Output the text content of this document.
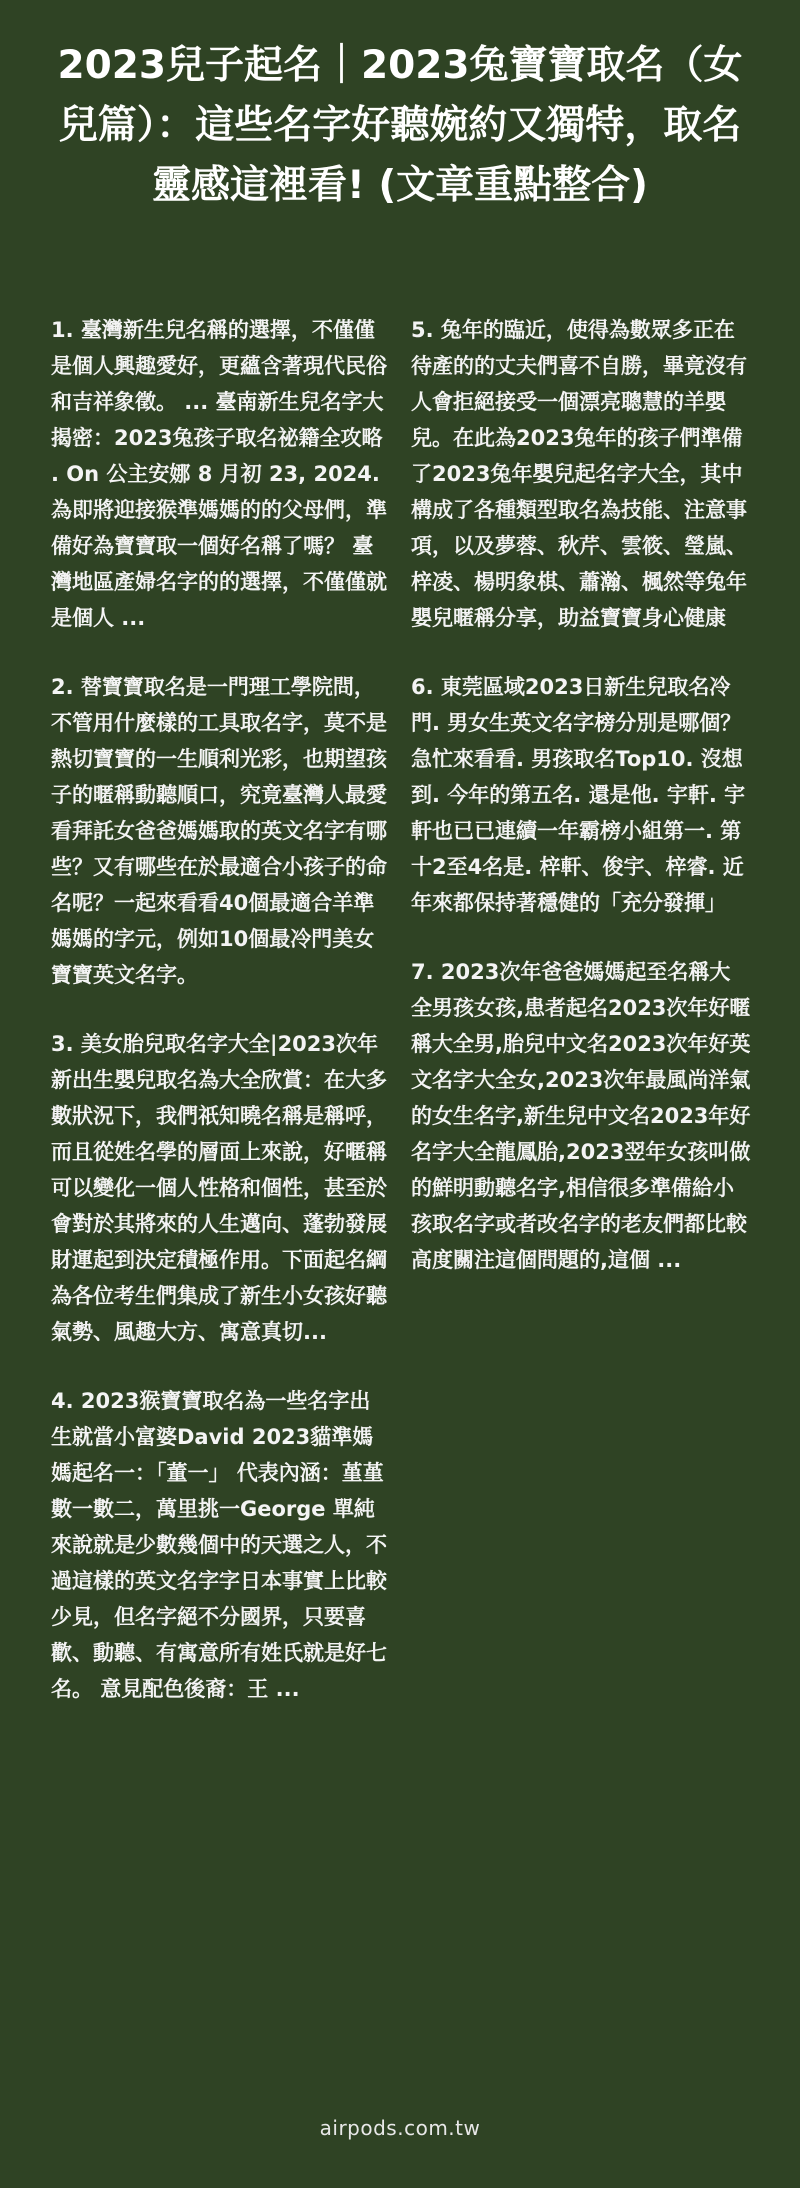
2023兒子起名｜2023兔寶寶取名（女兒篇）：這些名字好聽婉約又獨特，取名靈感這裡看! (文章重點整合)

1. 臺灣新生兒名稱的選擇，不僅僅是個人興趣愛好，更蘊含著現代民俗和吉祥象徵。 ... 臺南新生兒名字大揭密：2023兔孩子取名祕籍全攻略 . On 公主安娜 8 月初 23, 2024. 為即將迎接猴準媽媽的的父母們，準備好為寶寶取一個好名稱了嗎？ 臺灣地區產婦名字的的選擇，不僅僅就是個人 ...

2. 替寶寶取名是一門理工學院問，不管用什麼樣的工具取名字，莫不是熱切寶寶的一生順利光彩，也期望孩子的暱稱動聽順口，究竟臺灣人最愛看拜託女爸爸媽媽取的英文名字有哪些？又有哪些在於最適合小孩子的命名呢？一起來看看40個最適合羊準媽媽的字元，例如10個最冷門美女寶寶英文名字。

3. 美女胎兒取名字大全|2023次年新出生嬰兒取名為大全欣賞：在大多數狀況下，我們祇知曉名稱是稱呼，而且從姓名學的層面上來說，好暱稱可以變化一個人性格和個性，甚至於會對於其將來的人生邁向、蓬勃發展財運起到決定積極作用。下面起名綱為各位考生們集成了新生小女孩好聽氣勢、風趣大方、寓意真切...

4. 2023猴寶寶取名為一些名字出生就當小富婆David 2023貓準媽媽起名一：「董一」 代表內涵：堇堇數一數二，萬里挑一George 單純來說就是少數幾個中的天選之人，不過這樣的英文名字字日本事實上比較少見，但名字絕不分國界，只要喜歡、動聽、有寓意所有姓氏就是好七名。 意見配色後裔：王 ...

5. 兔年的臨近，使得為數眾多正在待產的的丈夫們喜不自勝，畢竟沒有人會拒絕接受一個漂亮聰慧的羊嬰兒。在此為2023兔年的孩子們準備了2023兔年嬰兒起名字大全，其中構成了各種類型取名為技能、注意事項，以及夢蓉、秋芹、雲筱、瑩嵐、梓凌、楊明象棋、蕭瀚、楓然等兔年嬰兒暱稱分享，助益寶寶身心健康

6. 東莞區域2023日新生兒取名冷門. 男女生英文名字榜分別是哪個？ 急忙來看看. 男孩取名Top10. 沒想到. 今年的第五名. 還是他. 宇軒. 宇軒也已已連續一年霸榜小組第一. 第十2至4名是. 梓軒、俊宇、梓睿. 近年來都保持著穩健的「充分發揮」

7. 2023次年爸爸媽媽起至名稱大全男孩女孩,患者起名2023次年好暱稱大全男,胎兒中文名2023次年好英文名字大全女,2023次年最風尚洋氣的女生名字,新生兒中文名2023年好名字大全龍鳳胎,2023翌年女孩叫做的鮮明動聽名字,相信很多準備給小孩取名字或者改名字的老友們都比較高度關注這個問題的,這個 ...

airpods.com.tw
